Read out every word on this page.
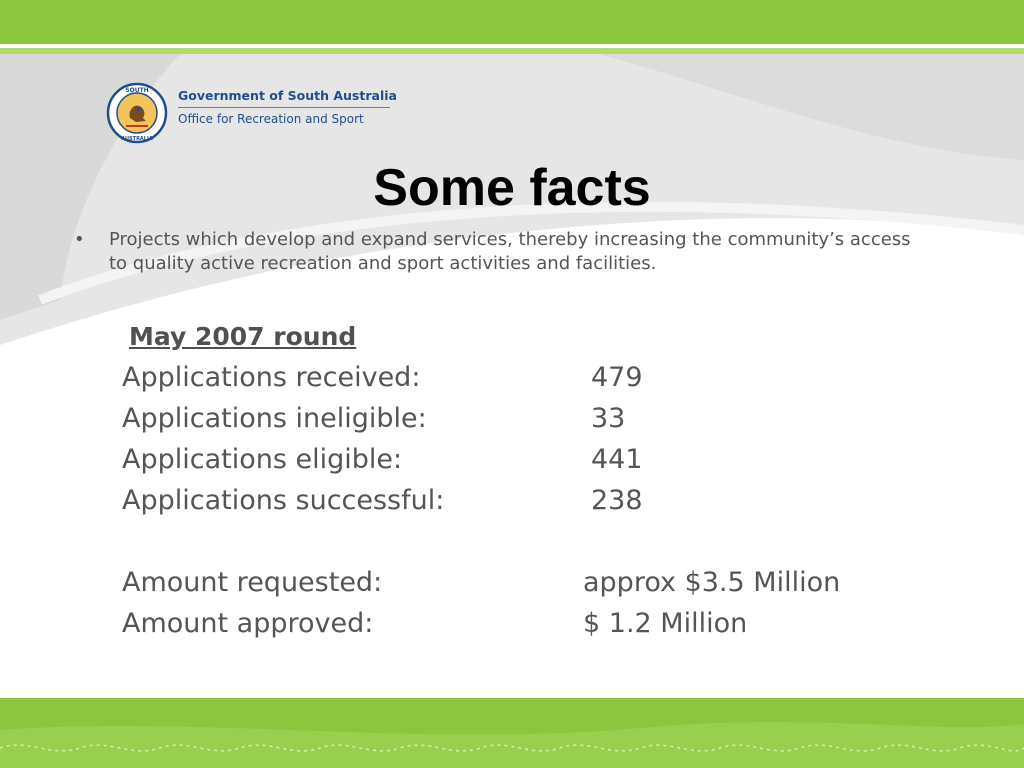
SOUTH
AUSTRALIA
Government of South Australia
Office for Recreation and Sport
Some facts
• Projects which develop and expand services, thereby increasing the community’s access to quality active recreation and sport activities and facilities.
May 2007 round
Applications received:	479
Applications ineligible:	33
Applications eligible:	441
Applications successful:	238
Amount requested:	approx $3.5 Million
Amount approved:	$ 1.2 Million
